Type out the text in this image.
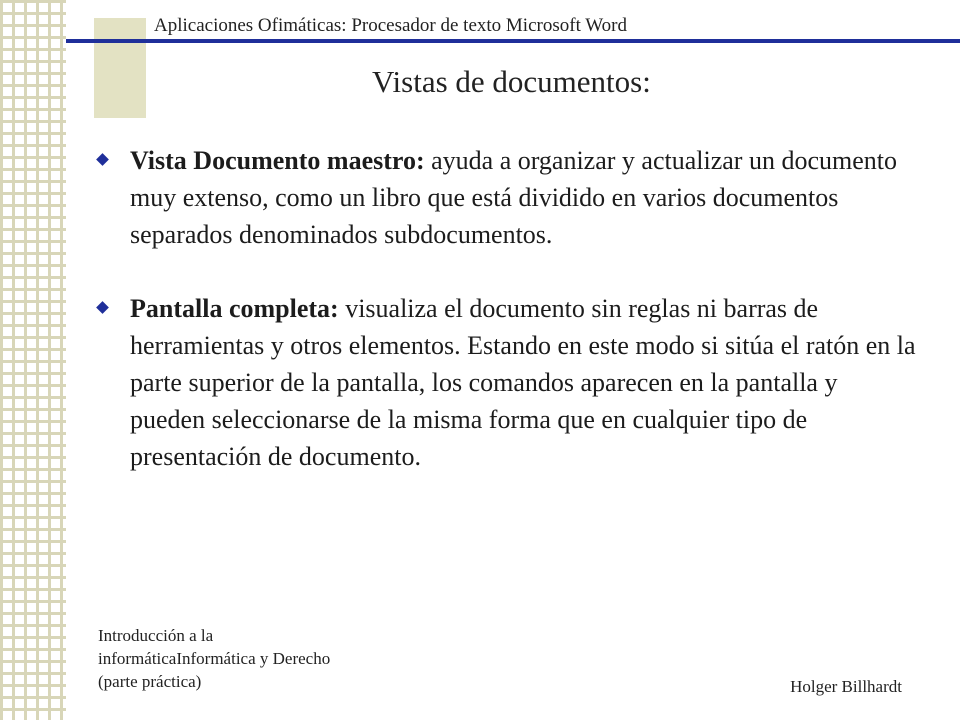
Aplicaciones Ofimáticas: Procesador de texto Microsoft Word
Vistas de documentos:
Vista Documento maestro: ayuda a organizar y actualizar un documento muy extenso, como un libro que está dividido en varios documentos separados denominados subdocumentos.
Pantalla completa: visualiza el documento sin reglas ni barras de herramientas y otros elementos. Estando en este modo si sitúa el ratón en la parte superior de la pantalla, los comandos aparecen en la pantalla y pueden seleccionarse de la misma forma que en cualquier tipo de presentación de documento.
Introducción a la
informáticaInformática y Derecho
(parte práctica)	Holger Billhardt
